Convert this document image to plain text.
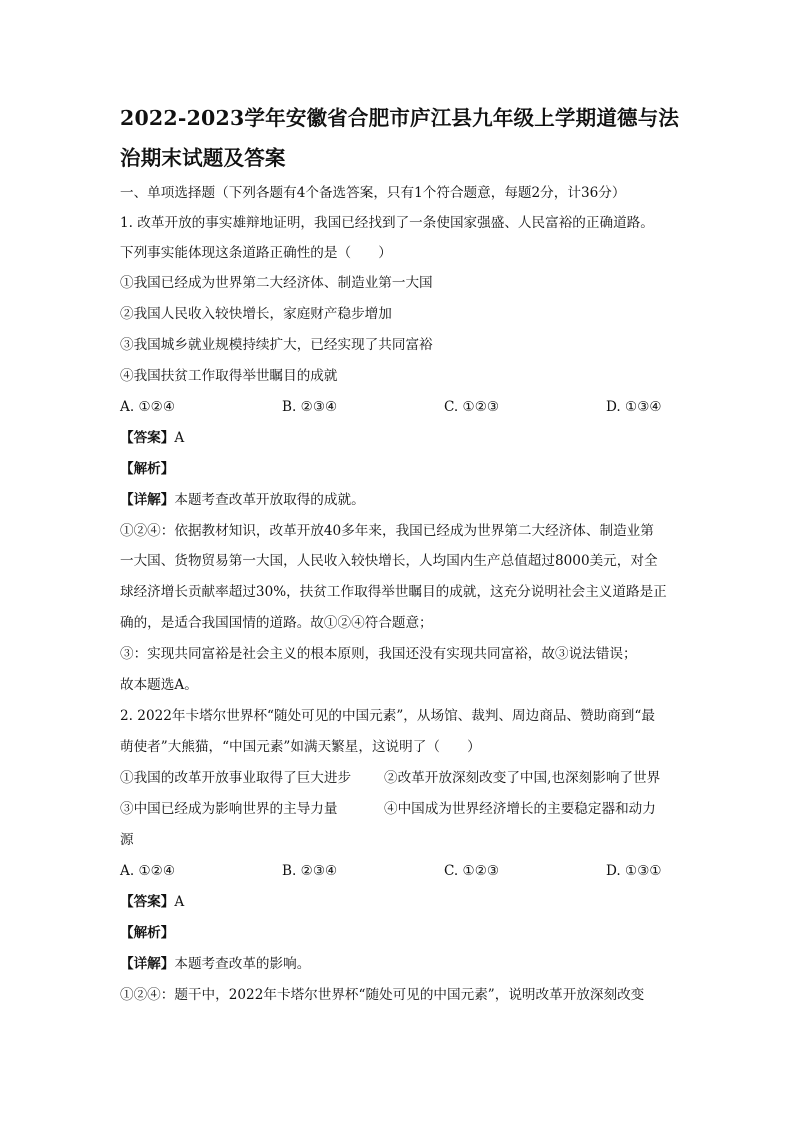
2022-2023学年安徽省合肥市庐江县九年级上学期道德与法
治期末试题及答案
一、单项选择题（下列各题有4个备选答案，只有1个符合题意，每题2分，计36分）
1. 改革开放的事实雄辩地证明，我国已经找到了一条使国家强盛、人民富裕的正确道路。
下列事实能体现这条道路正确性的是（　　）
①我国已经成为世界第二大经济体、制造业第一大国
②我国人民收入较快增长，家庭财产稳步增加
③我国城乡就业规模持续扩大，已经实现了共同富裕
④我国扶贫工作取得举世瞩目的成就
A. ①②④	B. ②③④	C. ①②③	D. ①③④
【答案】A
【解析】
【详解】本题考查改革开放取得的成就。
①②④：依据教材知识，改革开放40多年来，我国已经成为世界第二大经济体、制造业第
一大国、货物贸易第一大国，人民收入较快增长，人均国内生产总值超过8000美元，对全
球经济增长贡献率超过30%，扶贫工作取得举世瞩目的成就，这充分说明社会主义道路是正
确的，是适合我国国情的道路。故①②④符合题意；
③：实现共同富裕是社会主义的根本原则，我国还没有实现共同富裕，故③说法错误；
故本题选A。
2. 2022年卡塔尔世界杯“随处可见的中国元素”，从场馆、裁判、周边商品、赞助商到“最
萌使者”大熊猫，“中国元素”如满天繁星，这说明了（　　）
①我国的改革开放事业取得了巨大进步 ②改革开放深刻改变了中国,也深刻影响了世界
③中国已经成为影响世界的主导力量	④中国成为世界经济增长的主要稳定器和动力
源
A. ①②④	B. ②③④	C. ①②③	D. ①③①
【答案】A
【解析】
【详解】本题考查改革的影响。
①②④：题干中，2022年卡塔尔世界杯“随处可见的中国元素”，说明改革开放深刻改变
